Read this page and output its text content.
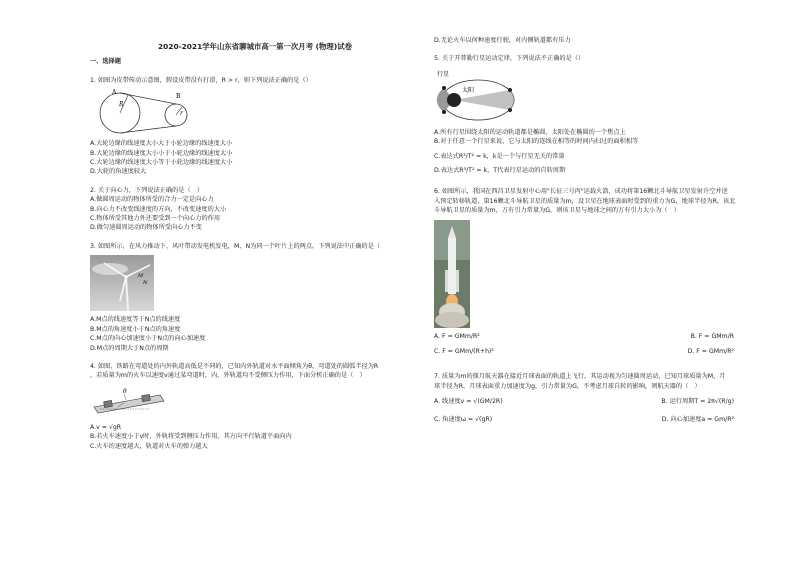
2020-2021学年山东省聊城市高一第一次月考 (物理)试卷
一、选择题
1. 如图为皮带传动示意图，假设皮带没有打滑，R > r，则下列说法正确的是（）
A
B
R
r
A.大轮边缘的线速度大小大于小轮边缘的线速度大小
B.大轮边缘的线速度大小小于小轮边缘的线速度大小
C.大轮边缘的线速度大小等于小轮边缘的线速度大小
D.大轮的角速度较大
2. 关于向心力，下列说法正确的是（　）
A.做圆周运动的物体所受的合力一定是向心力
B.向心力不改变线速度的方向，不改变速度的大小
C.物体所受其他力外还要受到一个向心力的作用
D.做匀速圆周运动的物体所受向心力不变
3. 如图所示，在风力推动下，风叶带动发电机发电，M、N为同一个叶片上的两点。下列说法中正确的是（
M
N
A.M点的线速度等于N点的线速度
B.M点的角速度小于N点的角速度
C.M点的向心加速度小于N点的向心加速度
D.M点的周期大于N点的周期
4. 如图，铁路在弯道处的内外轨道高低是不同的，已知内外轨道对水平面倾角为θ，弯道处的圆弧半径为R
，若质量为m的火车以速度v通过某弯道时，内、外轨道均不受侧压力作用，下面分析正确的是（　）
θ
A.v = √gR
B.若火车速度小于v时，外轨将受到侧压力作用，其方向平行轨道平面向内
C.火车的速度越大，轨道对火车的弹力越大
D.无论火车以何种速度行驶，对内侧轨道都有压力
5. 关于开普勒行星运动定律，下列说法不正确的是（）
行星
太阳
A.所有行星围绕太阳的运动轨道都是椭圆，太阳处在椭圆的一个焦点上
B.对于任意一个行星来说，它与太阳的连线在相等的时间内扫过的面积相等
C.表达式R³/T² = k，k是一个与行星无关的常量
D.表达式R³/T² = k，T代表行星运动的自转周期
6. 如图所示，我国在西昌卫星发射中心用"长征三号丙"运载火箭，成功将第16颗北斗导航卫星发射升空并送
入预定转移轨道，第16颗北斗导航卫星的质量为m，设卫星在地球表面时受到的重力为G，地球半径为R，该北
斗导航卫星的质量为m，万有引力常量为G，则该卫星与地球之间的万有引力大小为（　）
A. F = GMm/R²	B. F = GMm/R
C. F = GMm/(R+h)²	D. F = GMm/R²
7. 质量为m的探月航天器在接近月球表面的轨道上飞行，其运动视为匀速圆周运动，已知月球质量为M，月
球半径为R，月球表面重力加速度为g，引力常量为G，不考虑月球自转的影响，则航天器的（　）
A. 线速度v = √(GM/2R)	B. 运行周期T = 2π√(R/g)
C. 角速度ω = √(gR)	D. 向心加速度a = Gm/R²
